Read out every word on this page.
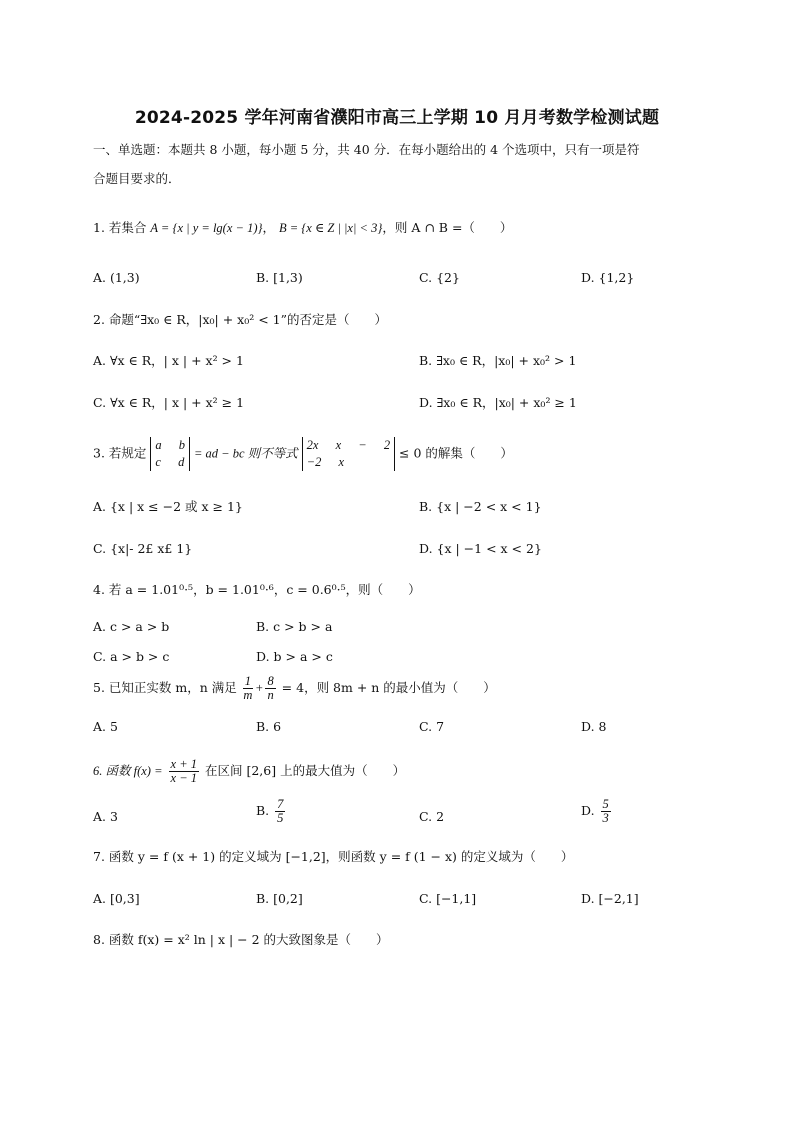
2024-2025 学年河南省濮阳市高三上学期 10 月月考数学检测试题
一、单选题：本题共 8 小题，每小题 5 分，共 40 分．在每小题给出的 4 个选项中，只有一项是符
合题目要求的．
1. 若集合 A = {x | y = lg(x − 1)}， B = {x ∈ Z | |x| < 3}，则 A ∩ B =（　　）
A. (1,3)	B. [1,3)	C. {2}	D. {1,2}
2. 命题“∃x₀ ∈ R，|x₀| + x₀² < 1”的否定是（　　）
A. ∀x ∈ R，| x | + x² > 1	B. ∃x₀ ∈ R，|x₀| + x₀² > 1
C. ∀x ∈ R，| x | + x² ≥ 1	D. ∃x₀ ∈ R，|x₀| + x₀² ≥ 1
3. 若规定
a b
c d
= ad − bc 则不等式
2x x − 2
−2 x
≤ 0 的解集（　　）
A. {x | x ≤ −2 或 x ≥ 1}	B. {x | −2 < x < 1}
C. {x|- 2£ x£ 1}	D. {x | −1 < x < 2}
4. 若 a = 1.01⁰·⁵，b = 1.01⁰·⁶，c = 0.6⁰·⁵，则（　　）
A. c > a > b	B. c > b > a
C. a > b > c	D. b > a > c
5. 已知正实数 m，n 满足 $\frac{1}{m} + \frac{8}{n} = 4$，则 8m + n 的最小值为（　　）
A. 5	B. 6	C. 7	D. 8
6. 函数 $f(x) = \frac{x + 1}{x - 1}$ 在区间 [2,6] 上的最大值为（　　）
A. 3	B. $\frac{7}{5}$	C. 2	D. $\frac{5}{3}$
7. 函数 y = f (x + 1) 的定义域为 [−1,2]，则函数 y = f (1 − x) 的定义域为（　　）
A. [0,3]	B. [0,2]	C. [−1,1]	D. [−2,1]
8. 函数 f(x) = x² ln | x | − 2 的大致图象是（　　）
